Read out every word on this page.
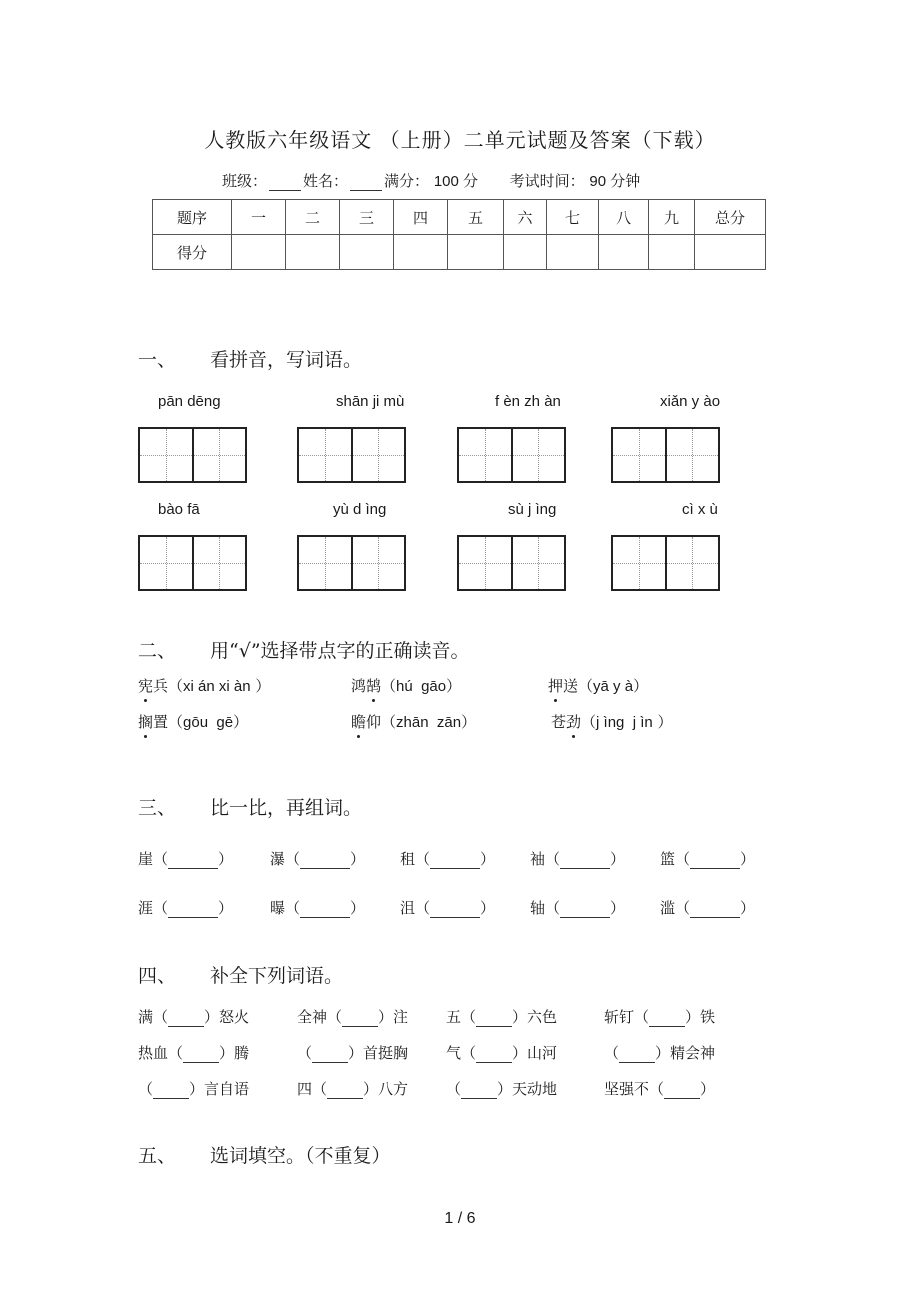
人教版六年级语文 （上册）二单元试题及答案（下载）
班级： 姓名： 满分： 100 分 考试时间： 90 分钟
题序	一	二	三	四	五	六	七	八	九	总分
得分										
一、 看拼音，写词语。
pān dēng	shān ji mù	f èn zh àn	xiǎn y ào
bào fā	yù d ìng	sù j ìng	cì x ù
二、 用“√”选择带点字的正确读音。
宪兵（xi án xi àn ）	鸿鹄（hú  gāo）	押送（yā y à）
搁置（gōu  gē）	瞻仰（zhān  zān）	苍劲（j ìng  j ìn ）
三、 比一比，再组词。
崖（	） 瀑（	） 租（	） 袖（	） 篮（	）
涯（	） 曝（	） 沮（	） 轴（	） 滥（	）
四、 补全下列词语。
满（ ）怒火	全神（ ）注	五（ ）六色	斩钉（ ）铁
热血（ ）腾	（ ）首挺胸	气（ ）山河	（ ）精会神
（ ）言自语	四（ ）八方	（ ）天动地	坚强不（ ）
五、 选词填空。（不重复）
1 / 6
